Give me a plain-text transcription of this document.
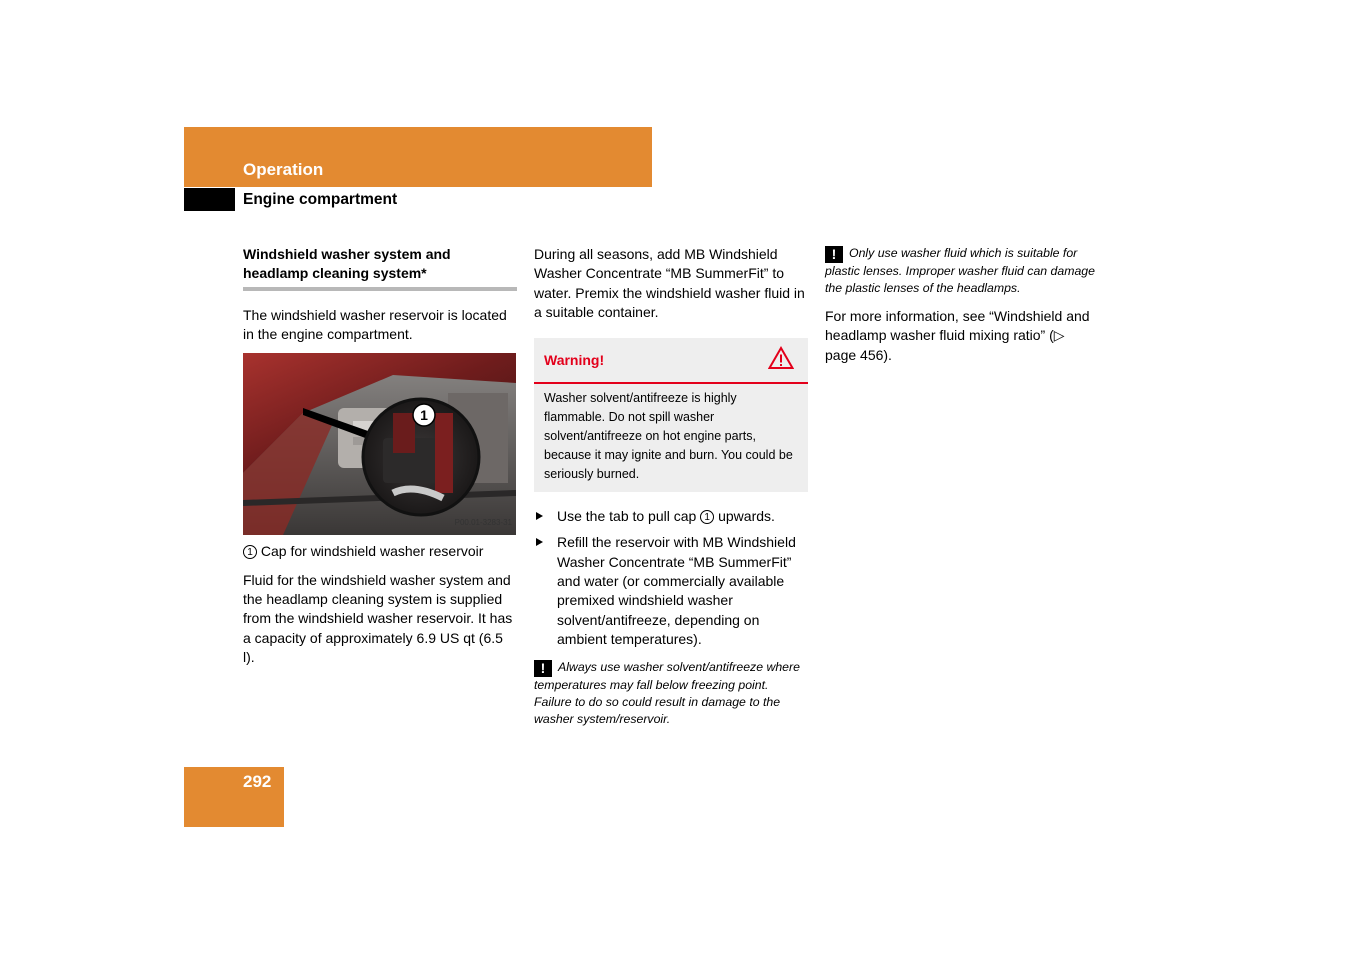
Operation
Engine compartment
Windshield washer system and headlamp cleaning system*

The windshield washer reservoir is located in the engine compartment.

1
P00.01-3283-31

1 Cap for windshield washer reservoir

Fluid for the windshield washer system and the headlamp cleaning system is supplied from the windshield washer reservoir. It has a capacity of approximately 6.9 US qt (6.5 l).

During all seasons, add MB Windshield Washer Concentrate “MB SummerFit” to water. Premix the windshield washer fluid in a suitable container.

Warning!
Washer solvent/antifreeze is highly flammable. Do not spill washer solvent/antifreeze on hot engine parts, because it may ignite and burn. You could be seriously burned.
Use the tab to pull cap 1 upwards.
Refill the reservoir with MB Windshield Washer Concentrate “MB SummerFit” and water (or commercially available premixed windshield washer solvent/antifreeze, depending on ambient temperatures).

! Always use washer solvent/antifreeze where temperatures may fall below freezing point. Failure to do so could result in damage to the washer system/reservoir.

! Only use washer fluid which is suitable for plastic lenses. Improper washer fluid can damage the plastic lenses of the headlamps.

For more information, see “Windshield and headlamp washer fluid mixing ratio” (▷ page 456).

292
